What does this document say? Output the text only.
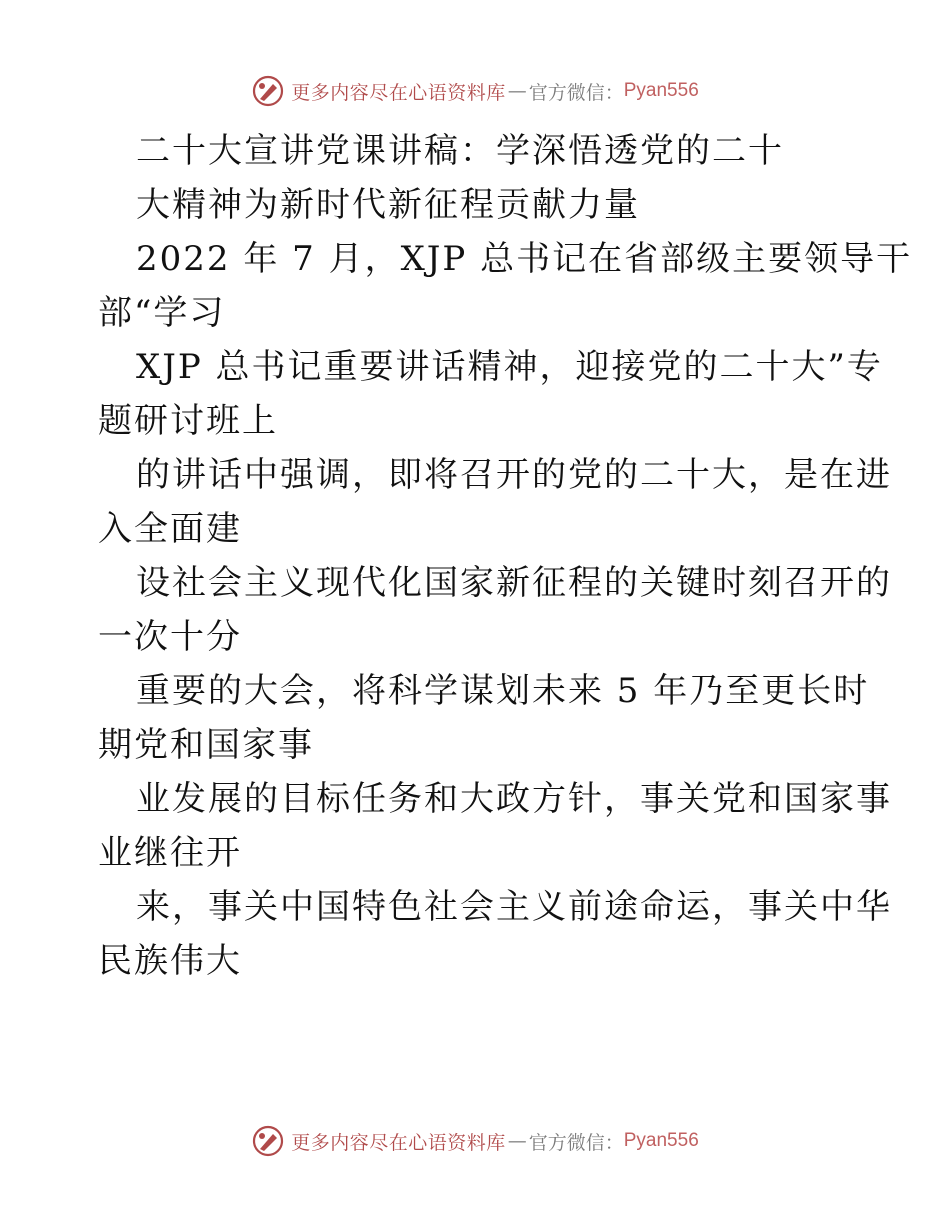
更多内容尽在心语资料库 — 官方微信： Pyan556
二十大宣讲党课讲稿：学深悟透党的二十
大精神为新时代新征程贡献力量
2022 年 7 月，XJP 总书记在省部级主要领导干
部“学习
XJP 总书记重要讲话精神，迎接党的二十大”专
题研讨班上
的讲话中强调，即将召开的党的二十大，是在进
入全面建
设社会主义现代化国家新征程的关键时刻召开的
一次十分
重要的大会，将科学谋划未来 5 年乃至更长时
期党和国家事
业发展的目标任务和大政方针，事关党和国家事
业继往开
来，事关中国特色社会主义前途命运，事关中华
民族伟大
更多内容尽在心语资料库 — 官方微信： Pyan556
